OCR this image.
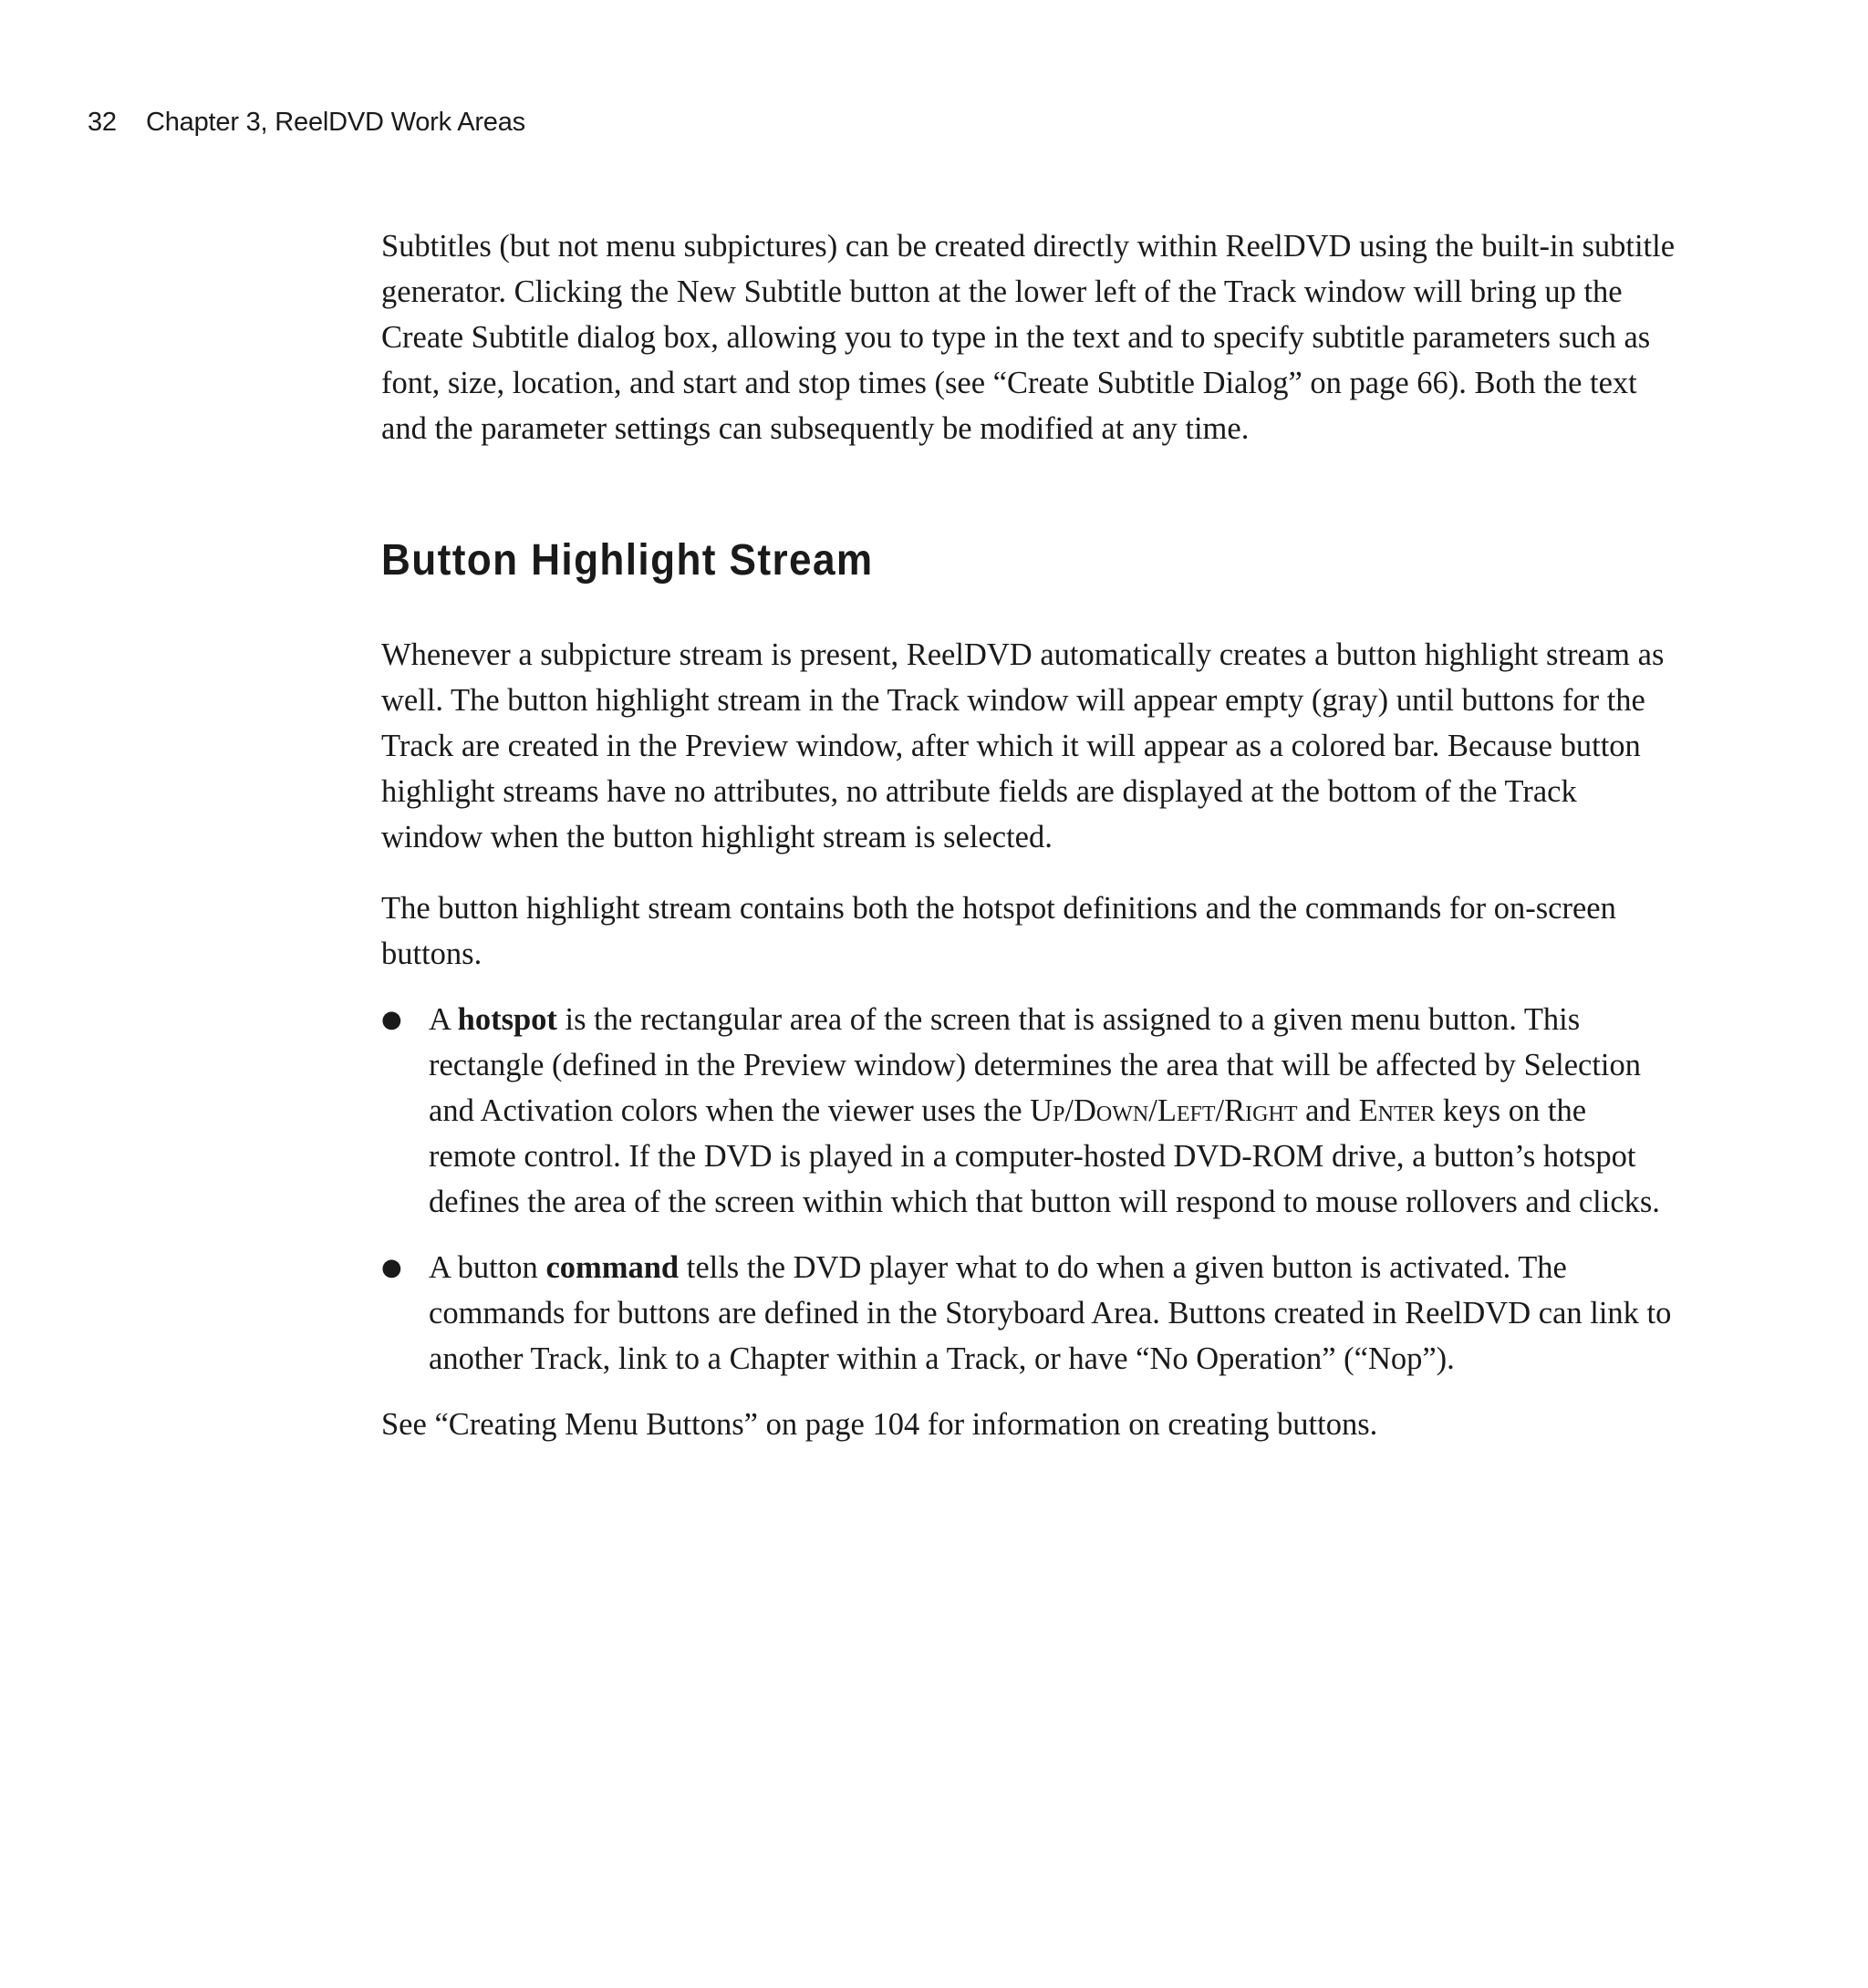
32 Chapter 3, ReelDVD Work Areas

Subtitles (but not menu subpictures) can be created directly within ReelDVD using the built-in subtitle generator. Clicking the New Subtitle button at the lower left of the Track window will bring up the Create Subtitle dialog box, allowing you to type in the text and to specify subtitle parameters such as font, size, location, and start and stop times (see “Create Subtitle Dialog” on page 66). Both the text and the parameter settings can subsequently be modified at any time.

Button Highlight Stream

Whenever a subpicture stream is present, ReelDVD automatically creates a button highlight stream as well. The button highlight stream in the Track window will appear empty (gray) until buttons for the Track are created in the Preview window, after which it will appear as a colored bar. Because button highlight streams have no attributes, no attribute fields are displayed at the bottom of the Track window when the button highlight stream is selected.

The button highlight stream contains both the hotspot definitions and the commands for on-screen buttons.

● A hotspot is the rectangular area of the screen that is assigned to a given menu button. This rectangle (defined in the Preview window) determines the area that will be affected by Selection and Activation colors when the viewer uses the Up/Down/Left/Right and Enter keys on the remote control. If the DVD is played in a computer-hosted DVD-ROM drive, a button’s hotspot defines the area of the screen within which that button will respond to mouse rollovers and clicks.
● A button command tells the DVD player what to do when a given button is activated. The commands for buttons are defined in the Storyboard Area. Buttons created in ReelDVD can link to another Track, link to a Chapter within a Track, or have “No Operation” (“Nop”).

See “Creating Menu Buttons” on page 104 for information on creating buttons.
